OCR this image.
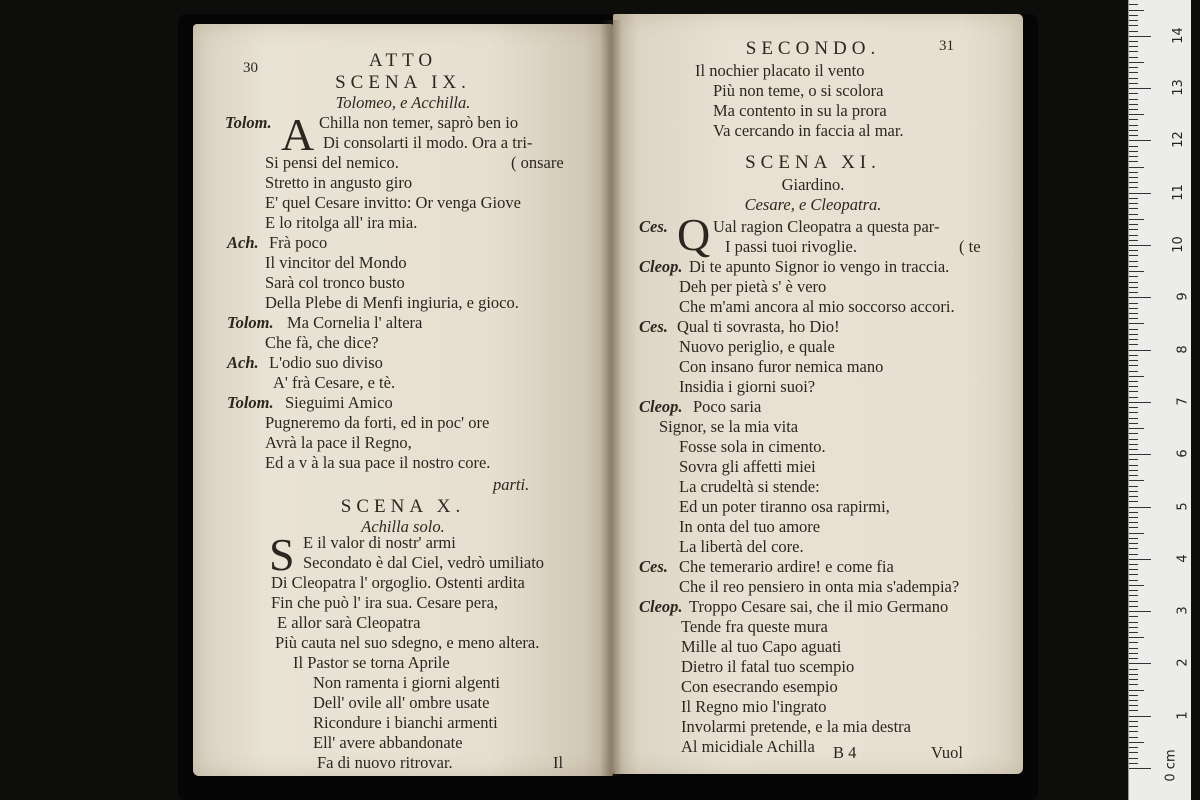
30	ATTO
SCENA IX.
Tolomeo, e Acchilla.
Tolom. A Chilla non temer, saprò ben io
Di consolarti il modo. Ora a tri-
Si pensi del nemico.	( onsare
Stretto in angusto giro
E' quel Cesare invitto: Or venga Giove
E lo ritolga all' ira mia.
Ach. Frà poco
Il vincitor del Mondo
Sarà col tronco busto
Della Plebe di Menfi ingiuria, e gioco.
Tolom. Ma Cornelia l' altera
Che fà, che dice?
Ach. L'odio suo diviso
A' frà Cesare, e tè.
Tolom. Sieguimi Amico
Pugneremo da forti, ed in poc' ore
Avrà la pace il Regno,
Ed a v à la sua pace il nostro core.
parti.
SCENA X.
Achilla solo.
S E il valor di nostr' armi
Secondato è dal Ciel, vedrò umiliato
Di Cleopatra l' orgoglio. Ostenti ardita
Fin che può l' ira sua. Cesare pera,
E allor sarà Cleopatra
Più cauta nel suo sdegno, e meno altera.
Il Pastor se torna Aprile
Non ramenta i giorni algenti
Dell' ovile all' ombre usate
Ricondure i bianchi armenti
Ell' avere abbandonate
Fa di nuovo ritrovar.	Il
SECONDO.	31
Il nochier placato il vento
Più non teme, o si scolora
Ma contento in su la prora
Va cercando in faccia al mar.
SCENA XI.
Giardino.
Cesare, e Cleopatra.
Ces. Q Ual ragion Cleopatra a questa par-
I passi tuoi rivoglie.	( te
Cleop. Di te apunto Signor io vengo in traccia.
Deh per pietà s' è vero
Che m'ami ancora al mio soccorso accori.
Ces. Qual ti sovrasta, ho Dio!
Nuovo periglio, e quale
Con insano furor nemica mano
Insidia i giorni suoi?
Cleop. Poco saria
Signor, se la mia vita
Fosse sola in cimento.
Sovra gli affetti miei
La crudeltà si stende:
Ed un poter tiranno osa rapirmi,
In onta del tuo amore
La libertà del core.
Ces. Che temerario ardire! e come fia
Che il reo pensiero in onta mia s'adempia?
Cleop. Troppo Cesare sai, che il mio Germano
Tende fra queste mura
Mille al tuo Capo aguati
Dietro il fatal tuo scempio
Con esecrando esempio
Il Regno mio l'ingrato
Involarmi pretende, e la mia destra
Al micidiale Achilla B 4	Vuol	0 cm
1
2
3
4
5
6
7
8
9
10
11
12
13
14
